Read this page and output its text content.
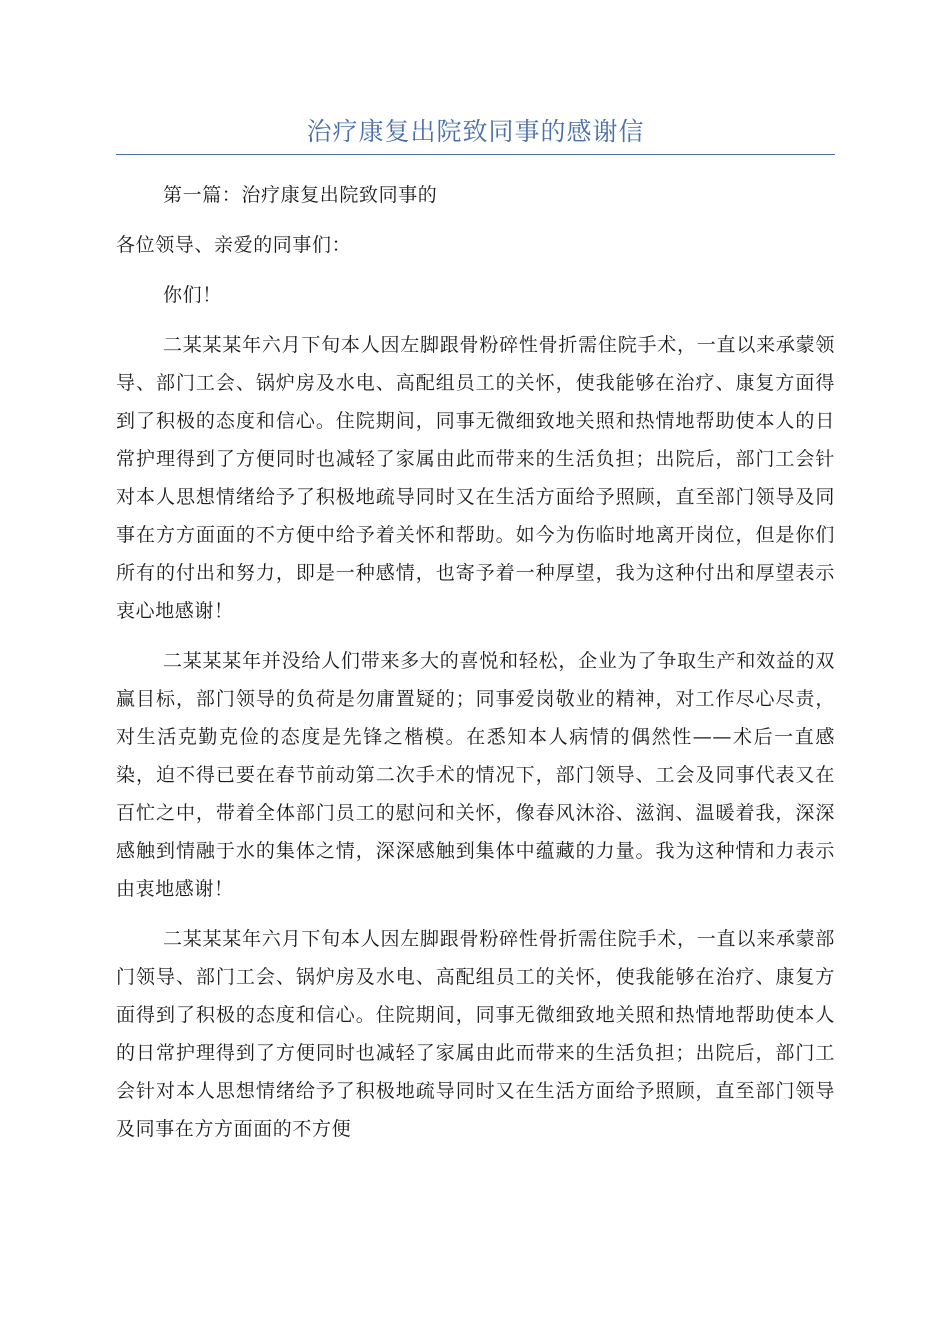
治疗康复出院致同事的感谢信

第一篇：治疗康复出院致同事的

各位领导、亲爱的同事们：

你们！

二某某某年六月下旬本人因左脚跟骨粉碎性骨折需住院手术，一直以来承蒙领导、部门工会、锅炉房及水电、高配组员工的关怀，使我能够在治疗、康复方面得到了积极的态度和信心。住院期间，同事无微细致地关照和热情地帮助使本人的日常护理得到了方便同时也减轻了家属由此而带来的生活负担；出院后，部门工会针对本人思想情绪给予了积极地疏导同时又在生活方面给予照顾，直至部门领导及同事在方方面面的不方便中给予着关怀和帮助。如今为伤临时地离开岗位，但是你们所有的付出和努力，即是一种感情，也寄予着一种厚望，我为这种付出和厚望表示衷心地感谢！

二某某某年并没给人们带来多大的喜悦和轻松，企业为了争取生产和效益的双赢目标，部门领导的负荷是勿庸置疑的；同事爱岗敬业的精神，对工作尽心尽责，对生活克勤克俭的态度是先锋之楷模。在悉知本人病情的偶然性——术后一直感染，迫不得已要在春节前动第二次手术的情况下，部门领导、工会及同事代表又在百忙之中，带着全体部门员工的慰问和关怀，像春风沐浴、滋润、温暖着我，深深感触到情融于水的集体之情，深深感触到集体中蕴藏的力量。我为这种情和力表示由衷地感谢！

二某某某年六月下旬本人因左脚跟骨粉碎性骨折需住院手术，一直以来承蒙部门领导、部门工会、锅炉房及水电、高配组员工的关怀，使我能够在治疗、康复方面得到了积极的态度和信心。住院期间，同事无微细致地关照和热情地帮助使本人的日常护理得到了方便同时也减轻了家属由此而带来的生活负担；出院后，部门工会针对本人思想情绪给予了积极地疏导同时又在生活方面给予照顾，直至部门领导及同事在方方面面的不方便
